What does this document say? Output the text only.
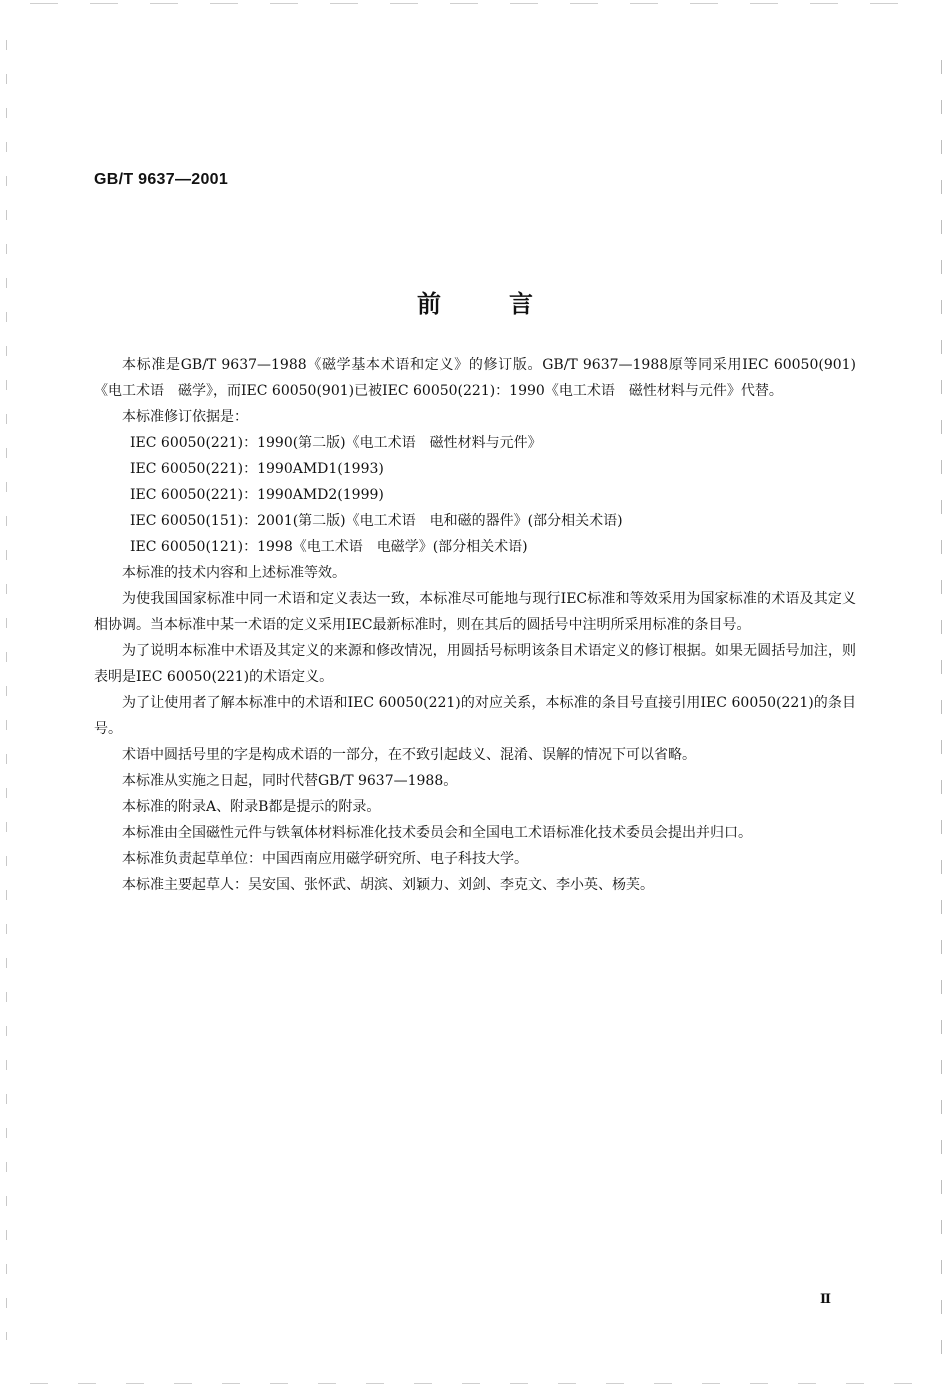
GB/T 9637—2001
前言

本标准是GB/T 9637—1988《磁学基本术语和定义》的修订版。GB/T 9637—1988原等同采用IEC 60050(901)《电工术语　磁学》，而IEC 60050(901)已被IEC 60050(221)：1990《电工术语　磁性材料与元件》代替。

本标准修订依据是：

IEC 60050(221)：1990(第二版)《电工术语　磁性材料与元件》

IEC 60050(221)：1990AMD1(1993)

IEC 60050(221)：1990AMD2(1999)

IEC 60050(151)：2001(第二版)《电工术语　电和磁的器件》(部分相关术语)

IEC 60050(121)：1998《电工术语　电磁学》(部分相关术语)

本标准的技术内容和上述标准等效。

为使我国国家标准中同一术语和定义表达一致，本标准尽可能地与现行IEC标准和等效采用为国家标准的术语及其定义相协调。当本标准中某一术语的定义采用IEC最新标准时，则在其后的圆括号中注明所采用标准的条目号。

为了说明本标准中术语及其定义的来源和修改情况，用圆括号标明该条目术语定义的修订根据。如果无圆括号加注，则表明是IEC 60050(221)的术语定义。

为了让使用者了解本标准中的术语和IEC 60050(221)的对应关系，本标准的条目号直接引用IEC 60050(221)的条目号。

术语中圆括号里的字是构成术语的一部分，在不致引起歧义、混淆、误解的情况下可以省略。

本标准从实施之日起，同时代替GB/T 9637—1988。

本标准的附录A、附录B都是提示的附录。

本标准由全国磁性元件与铁氧体材料标准化技术委员会和全国电工术语标准化技术委员会提出并归口。

本标准负责起草单位：中国西南应用磁学研究所、电子科技大学。

本标准主要起草人：吴安国、张怀武、胡滨、刘颖力、刘剑、李克文、李小英、杨芙。

Ⅱ
